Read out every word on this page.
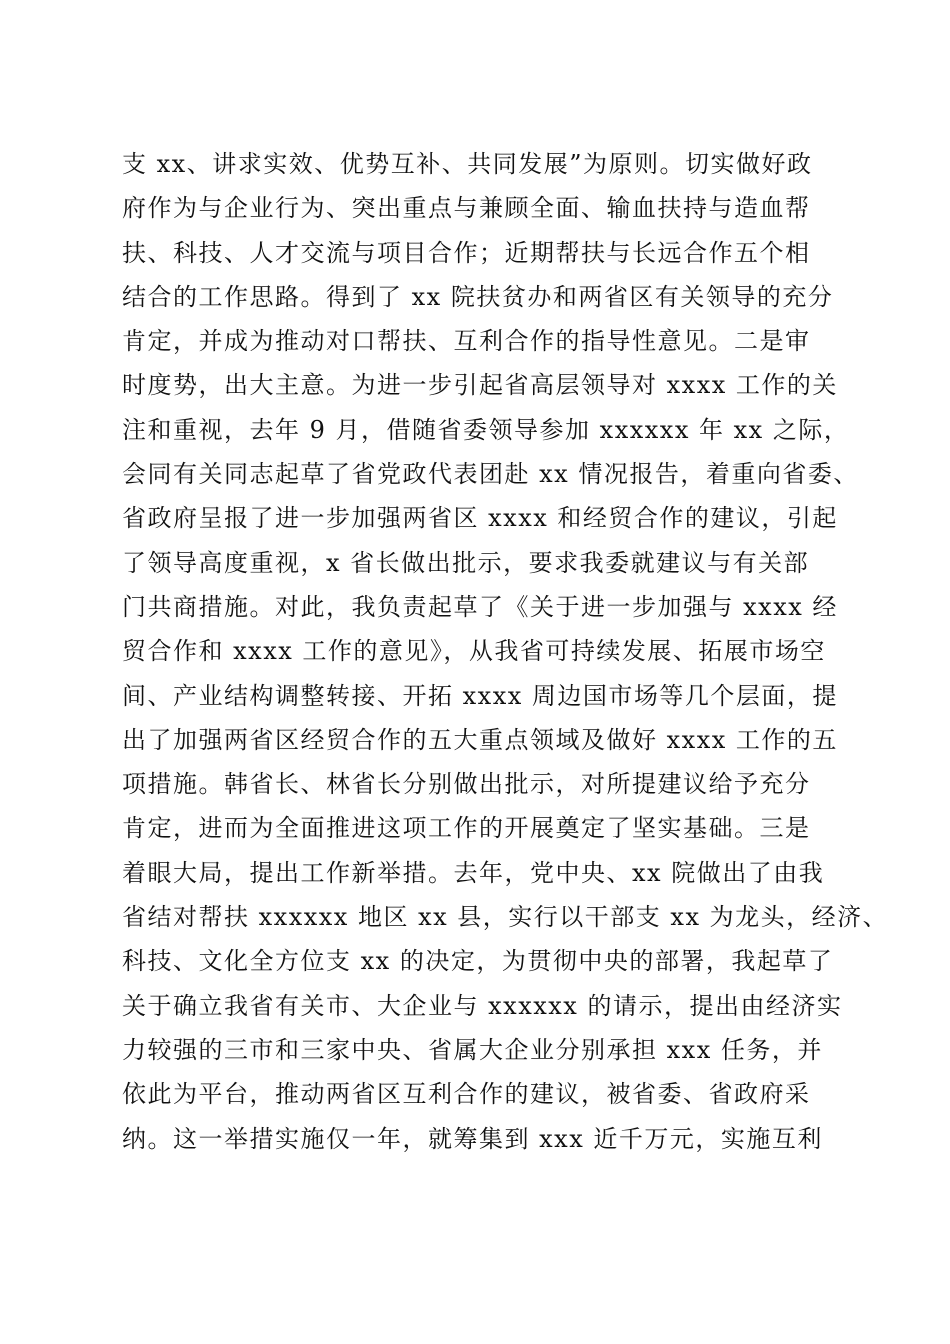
支 xx、讲求实效、优势互补、共同发展”为原则。切实做好政
府作为与企业行为、突出重点与兼顾全面、输血扶持与造血帮
扶、科技、人才交流与项目合作；近期帮扶与长远合作五个相
结合的工作思路。得到了 xx 院扶贫办和两省区有关领导的充分
肯定，并成为推动对口帮扶、互利合作的指导性意见。二是审
时度势，出大主意。为进一步引起省高层领导对 xxxx 工作的关
注和重视，去年 9 月，借随省委领导参加 xxxxxx 年 xx 之际，
会同有关同志起草了省党政代表团赴 xx 情况报告，着重向省委、
省政府呈报了进一步加强两省区 xxxx 和经贸合作的建议，引起
了领导高度重视，x 省长做出批示，要求我委就建议与有关部
门共商措施。对此，我负责起草了《关于进一步加强与 xxxx 经
贸合作和 xxxx 工作的意见》，从我省可持续发展、拓展市场空
间、产业结构调整转接、开拓 xxxx 周边国市场等几个层面，提
出了加强两省区经贸合作的五大重点领域及做好 xxxx 工作的五
项措施。韩省长、林省长分别做出批示，对所提建议给予充分
肯定，进而为全面推进这项工作的开展奠定了坚实基础。三是
着眼大局，提出工作新举措。去年，党中央、xx 院做出了由我
省结对帮扶 xxxxxx 地区 xx 县，实行以干部支 xx 为龙头，经济、
科技、文化全方位支 xx 的决定，为贯彻中央的部署，我起草了
关于确立我省有关市、大企业与 xxxxxx 的请示，提出由经济实
力较强的三市和三家中央、省属大企业分别承担 xxx 任务，并
依此为平台，推动两省区互利合作的建议，被省委、省政府采
纳。这一举措实施仅一年，就筹集到 xxx 近千万元，实施互利
